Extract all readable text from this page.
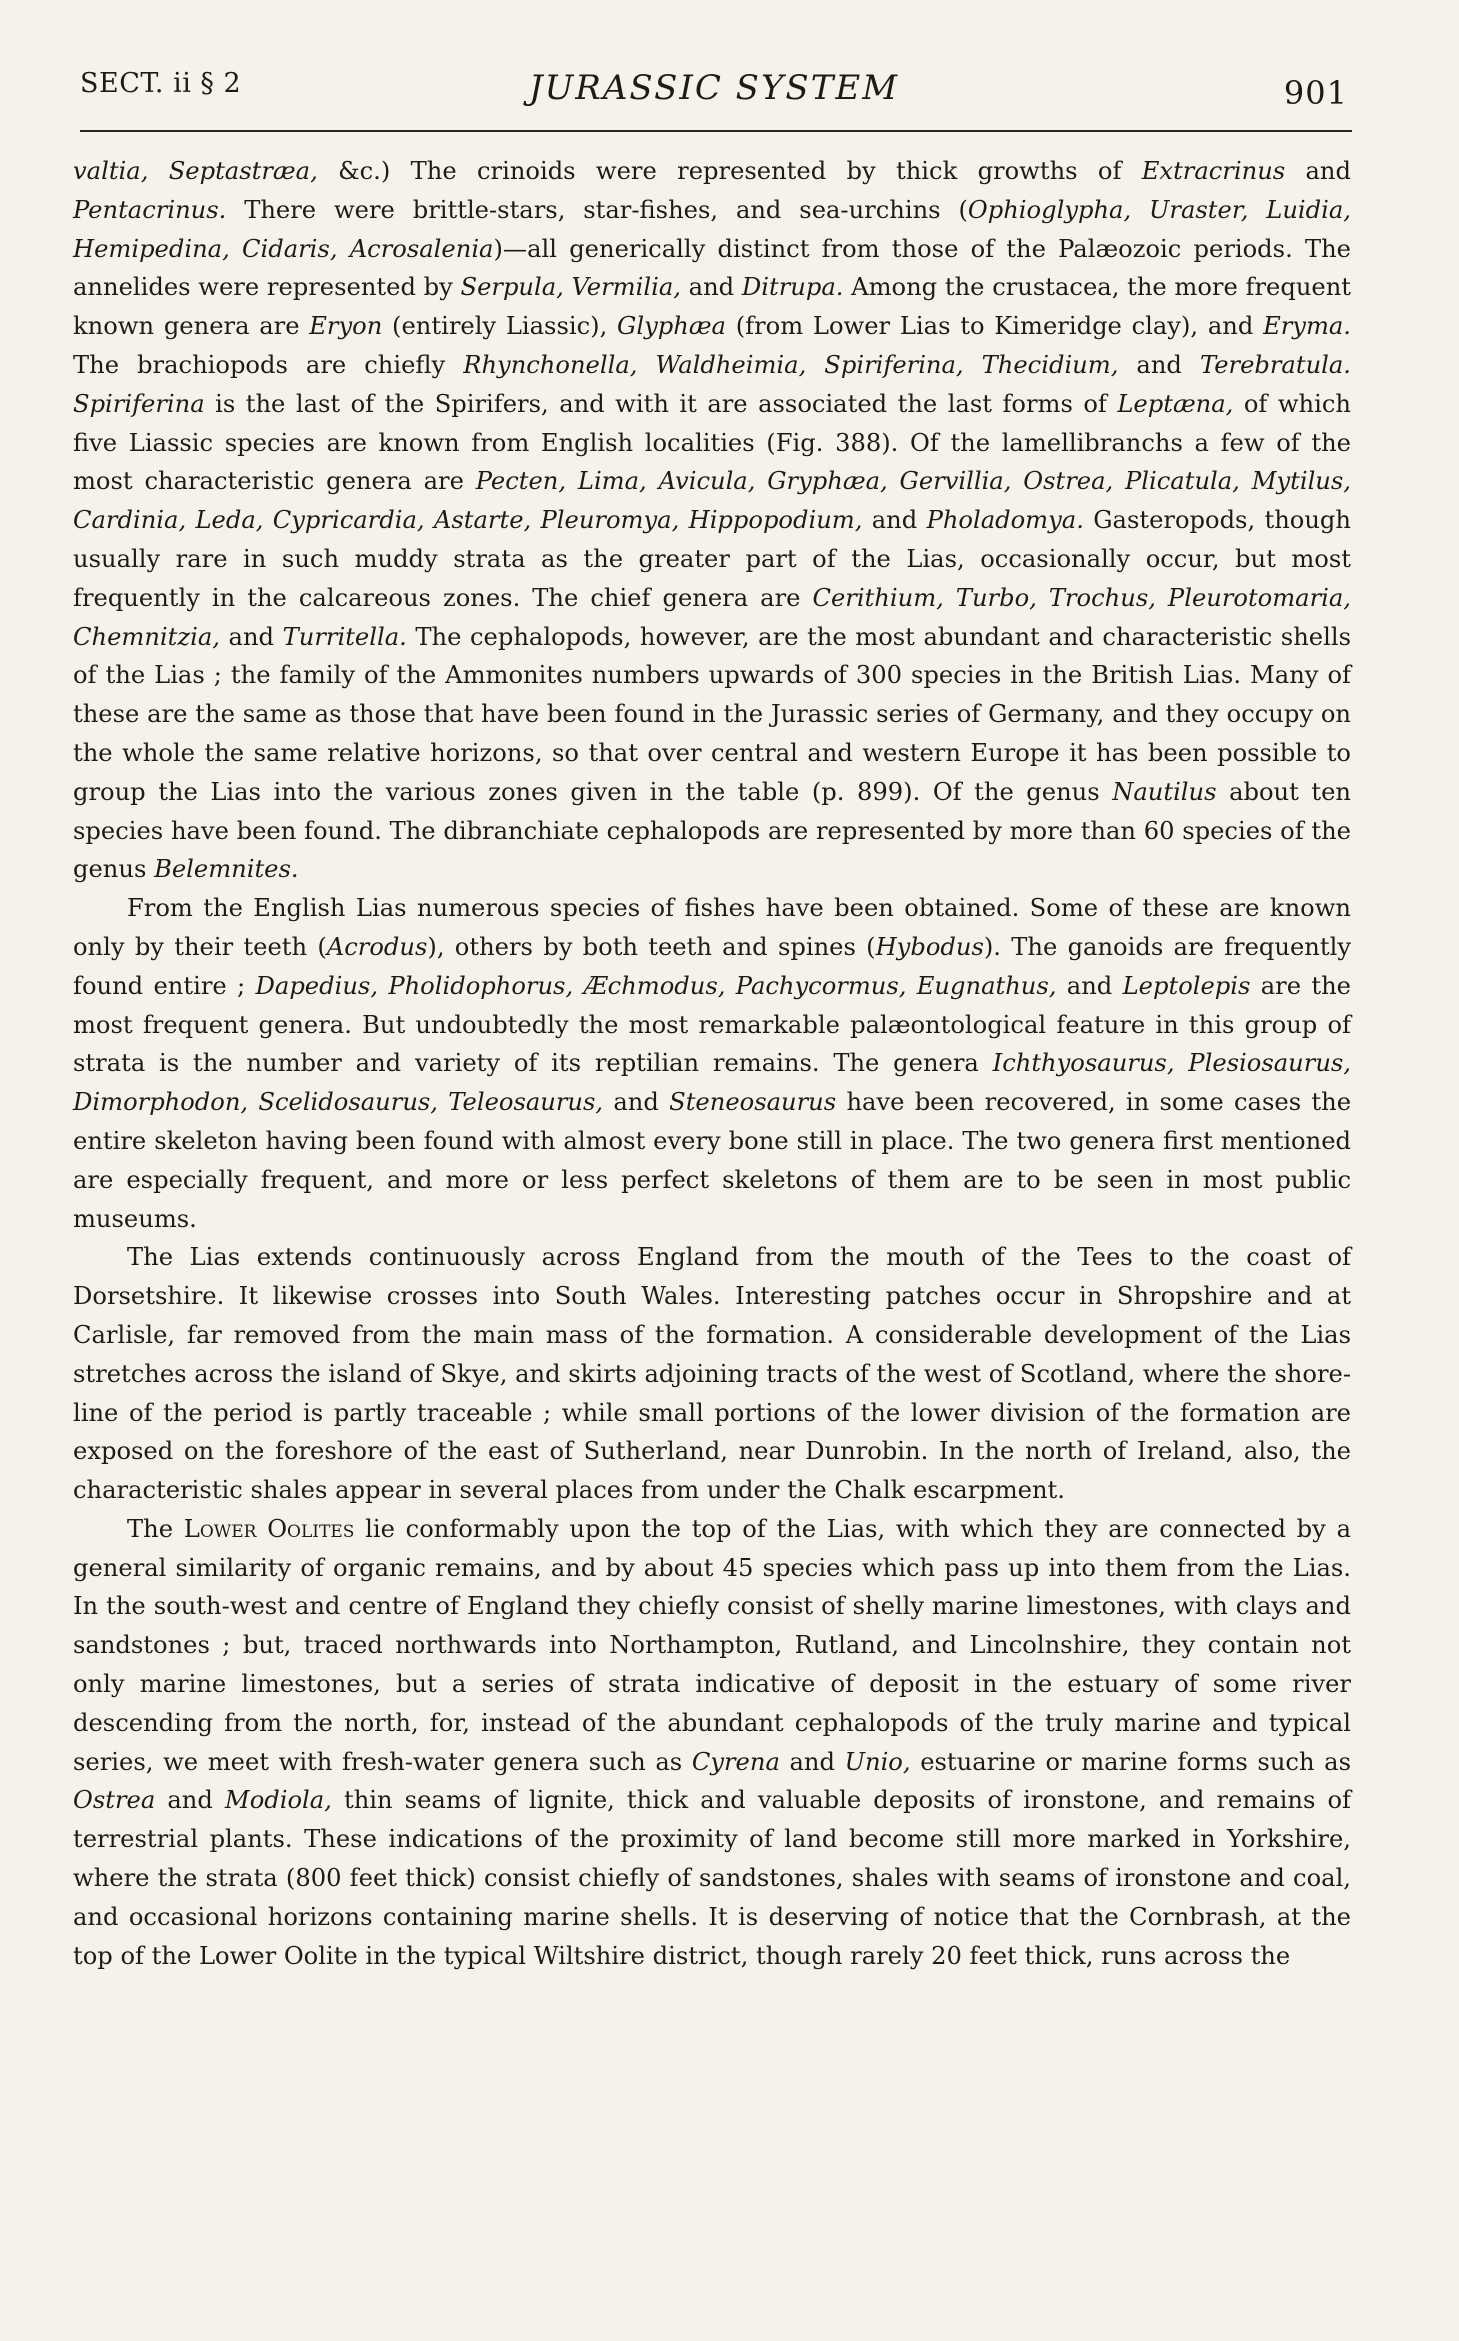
SECT. ii § 2	JURASSIC SYSTEM	901

valtia, Septastræa, &c.) The crinoids were represented by thick growths of Extracrinus and Pentacrinus. There were brittle-stars, star-fishes, and sea-urchins (Ophioglypha, Uraster, Luidia, Hemipedina, Cidaris, Acrosalenia)—all generically distinct from those of the Palæozoic periods. The annelides were represented by Serpula, Vermilia, and Ditrupa. Among the crustacea, the more frequent known genera are Eryon (entirely Liassic), Glyphæa (from Lower Lias to Kimeridge clay), and Eryma. The brachiopods are chiefly Rhynchonella, Waldheimia, Spiriferina, Thecidium, and Terebratula. Spiriferina is the last of the Spirifers, and with it are associated the last forms of Leptæna, of which five Liassic species are known from English localities (Fig. 388). Of the lamellibranchs a few of the most characteristic genera are Pecten, Lima, Avicula, Gryphæa, Gervillia, Ostrea, Plicatula, Mytilus, Cardinia, Leda, Cypricardia, Astarte, Pleuromya, Hippopodium, and Pholadomya. Gasteropods, though usually rare in such muddy strata as the greater part of the Lias, occasionally occur, but most frequently in the calcareous zones. The chief genera are Cerithium, Turbo, Trochus, Pleurotomaria, Chemnitzia, and Turritella. The cephalopods, however, are the most abundant and characteristic shells of the Lias ; the family of the Ammonites numbers upwards of 300 species in the British Lias. Many of these are the same as those that have been found in the Jurassic series of Germany, and they occupy on the whole the same relative horizons, so that over central and western Europe it has been possible to group the Lias into the various zones given in the table (p. 899). Of the genus Nautilus about ten species have been found. The dibranchiate cephalopods are represented by more than 60 species of the genus Belemnites.

From the English Lias numerous species of fishes have been obtained. Some of these are known only by their teeth (Acrodus), others by both teeth and spines (Hybodus). The ganoids are frequently found entire ; Dapedius, Pholidophorus, Æchmodus, Pachycormus, Eugnathus, and Leptolepis are the most frequent genera. But undoubtedly the most remarkable palæontological feature in this group of strata is the number and variety of its reptilian remains. The genera Ichthyosaurus, Plesiosaurus, Dimorphodon, Scelidosaurus, Teleosaurus, and Steneosaurus have been recovered, in some cases the entire skeleton having been found with almost every bone still in place. The two genera first mentioned are especially frequent, and more or less perfect skeletons of them are to be seen in most public museums.

The Lias extends continuously across England from the mouth of the Tees to the coast of Dorsetshire. It likewise crosses into South Wales. Interesting patches occur in Shropshire and at Carlisle, far removed from the main mass of the formation. A considerable development of the Lias stretches across the island of Skye, and skirts adjoining tracts of the west of Scotland, where the shore-line of the period is partly traceable ; while small portions of the lower division of the formation are exposed on the foreshore of the east of Sutherland, near Dunrobin. In the north of Ireland, also, the characteristic shales appear in several places from under the Chalk escarpment.

The Lower Oolites lie conformably upon the top of the Lias, with which they are connected by a general similarity of organic remains, and by about 45 species which pass up into them from the Lias. In the south-west and centre of England they chiefly consist of shelly marine limestones, with clays and sandstones ; but, traced northwards into Northampton, Rutland, and Lincolnshire, they contain not only marine limestones, but a series of strata indicative of deposit in the estuary of some river descending from the north, for, instead of the abundant cephalopods of the truly marine and typical series, we meet with fresh-water genera such as Cyrena and Unio, estuarine or marine forms such as Ostrea and Modiola, thin seams of lignite, thick and valuable deposits of ironstone, and remains of terrestrial plants. These indications of the proximity of land become still more marked in Yorkshire, where the strata (800 feet thick) consist chiefly of sandstones, shales with seams of ironstone and coal, and occasional horizons containing marine shells. It is deserving of notice that the Cornbrash, at the top of the Lower Oolite in the typical Wiltshire district, though rarely 20 feet thick, runs across the
